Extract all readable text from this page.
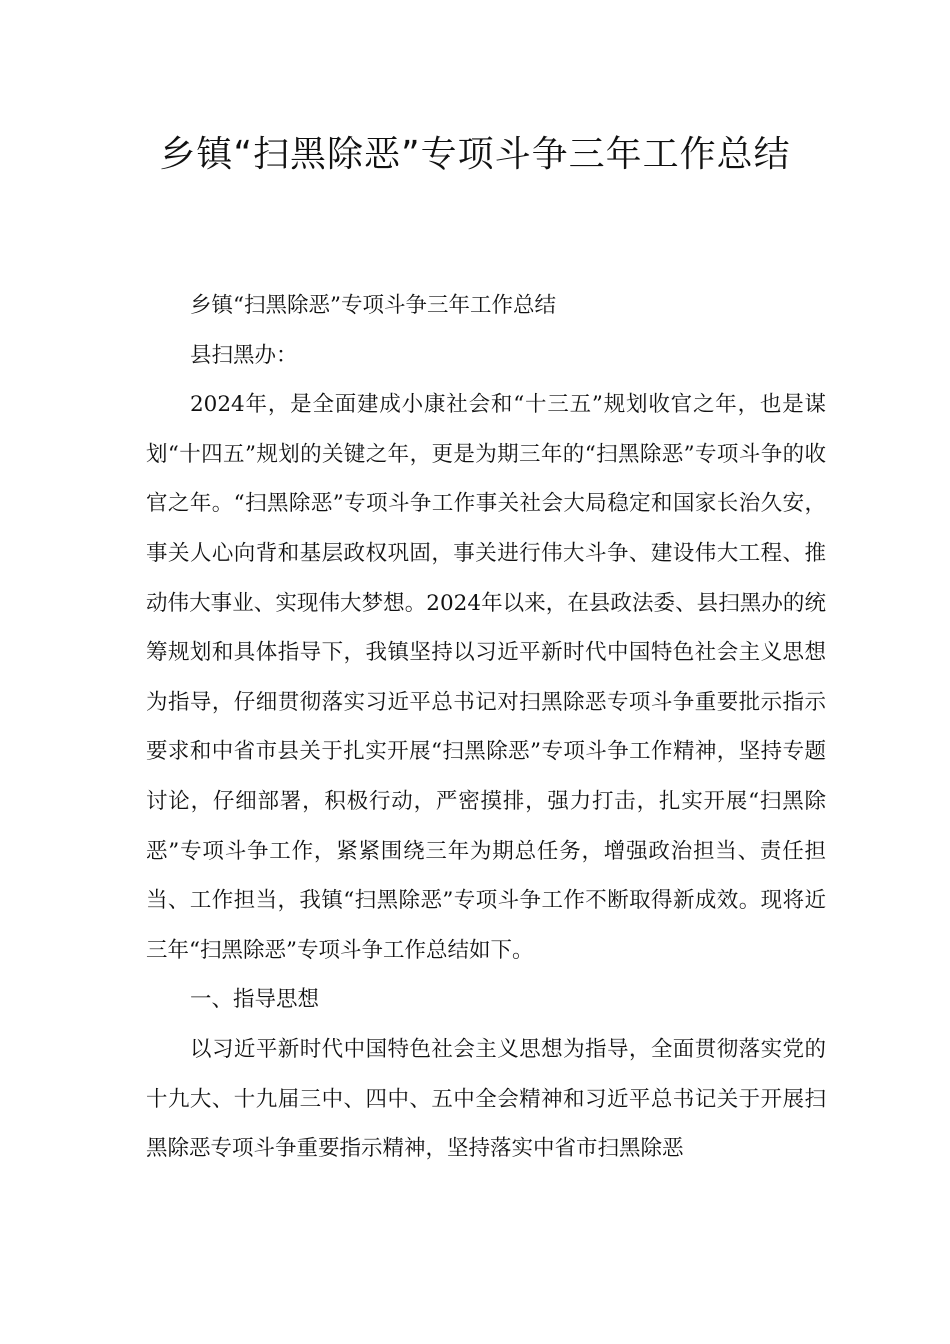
乡镇“扫黑除恶”专项斗争三年工作总结

乡镇“扫黑除恶”专项斗争三年工作总结

县扫黑办：

2024年，是全面建成小康社会和“十三五”规划收官之年，也是谋划“十四五”规划的关键之年，更是为期三年的“扫黑除恶”专项斗争的收官之年。“扫黑除恶”专项斗争工作事关社会大局稳定和国家长治久安，事关人心向背和基层政权巩固，事关进行伟大斗争、建设伟大工程、推动伟大事业、实现伟大梦想。2024年以来，在县政法委、县扫黑办的统筹规划和具体指导下，我镇坚持以习近平新时代中国特色社会主义思想为指导，仔细贯彻落实习近平总书记对扫黑除恶专项斗争重要批示指示要求和中省市县关于扎实开展“扫黑除恶”专项斗争工作精神，坚持专题讨论，仔细部署，积极行动，严密摸排，强力打击，扎实开展“扫黑除恶”专项斗争工作，紧紧围绕三年为期总任务，增强政治担当、责任担当、工作担当，我镇“扫黑除恶”专项斗争工作不断取得新成效。现将近三年“扫黑除恶”专项斗争工作总结如下。

一、指导思想

以习近平新时代中国特色社会主义思想为指导，全面贯彻落实党的十九大、十九届三中、四中、五中全会精神和习近平总书记关于开展扫黑除恶专项斗争重要指示精神，坚持落实中省市扫黑除恶
